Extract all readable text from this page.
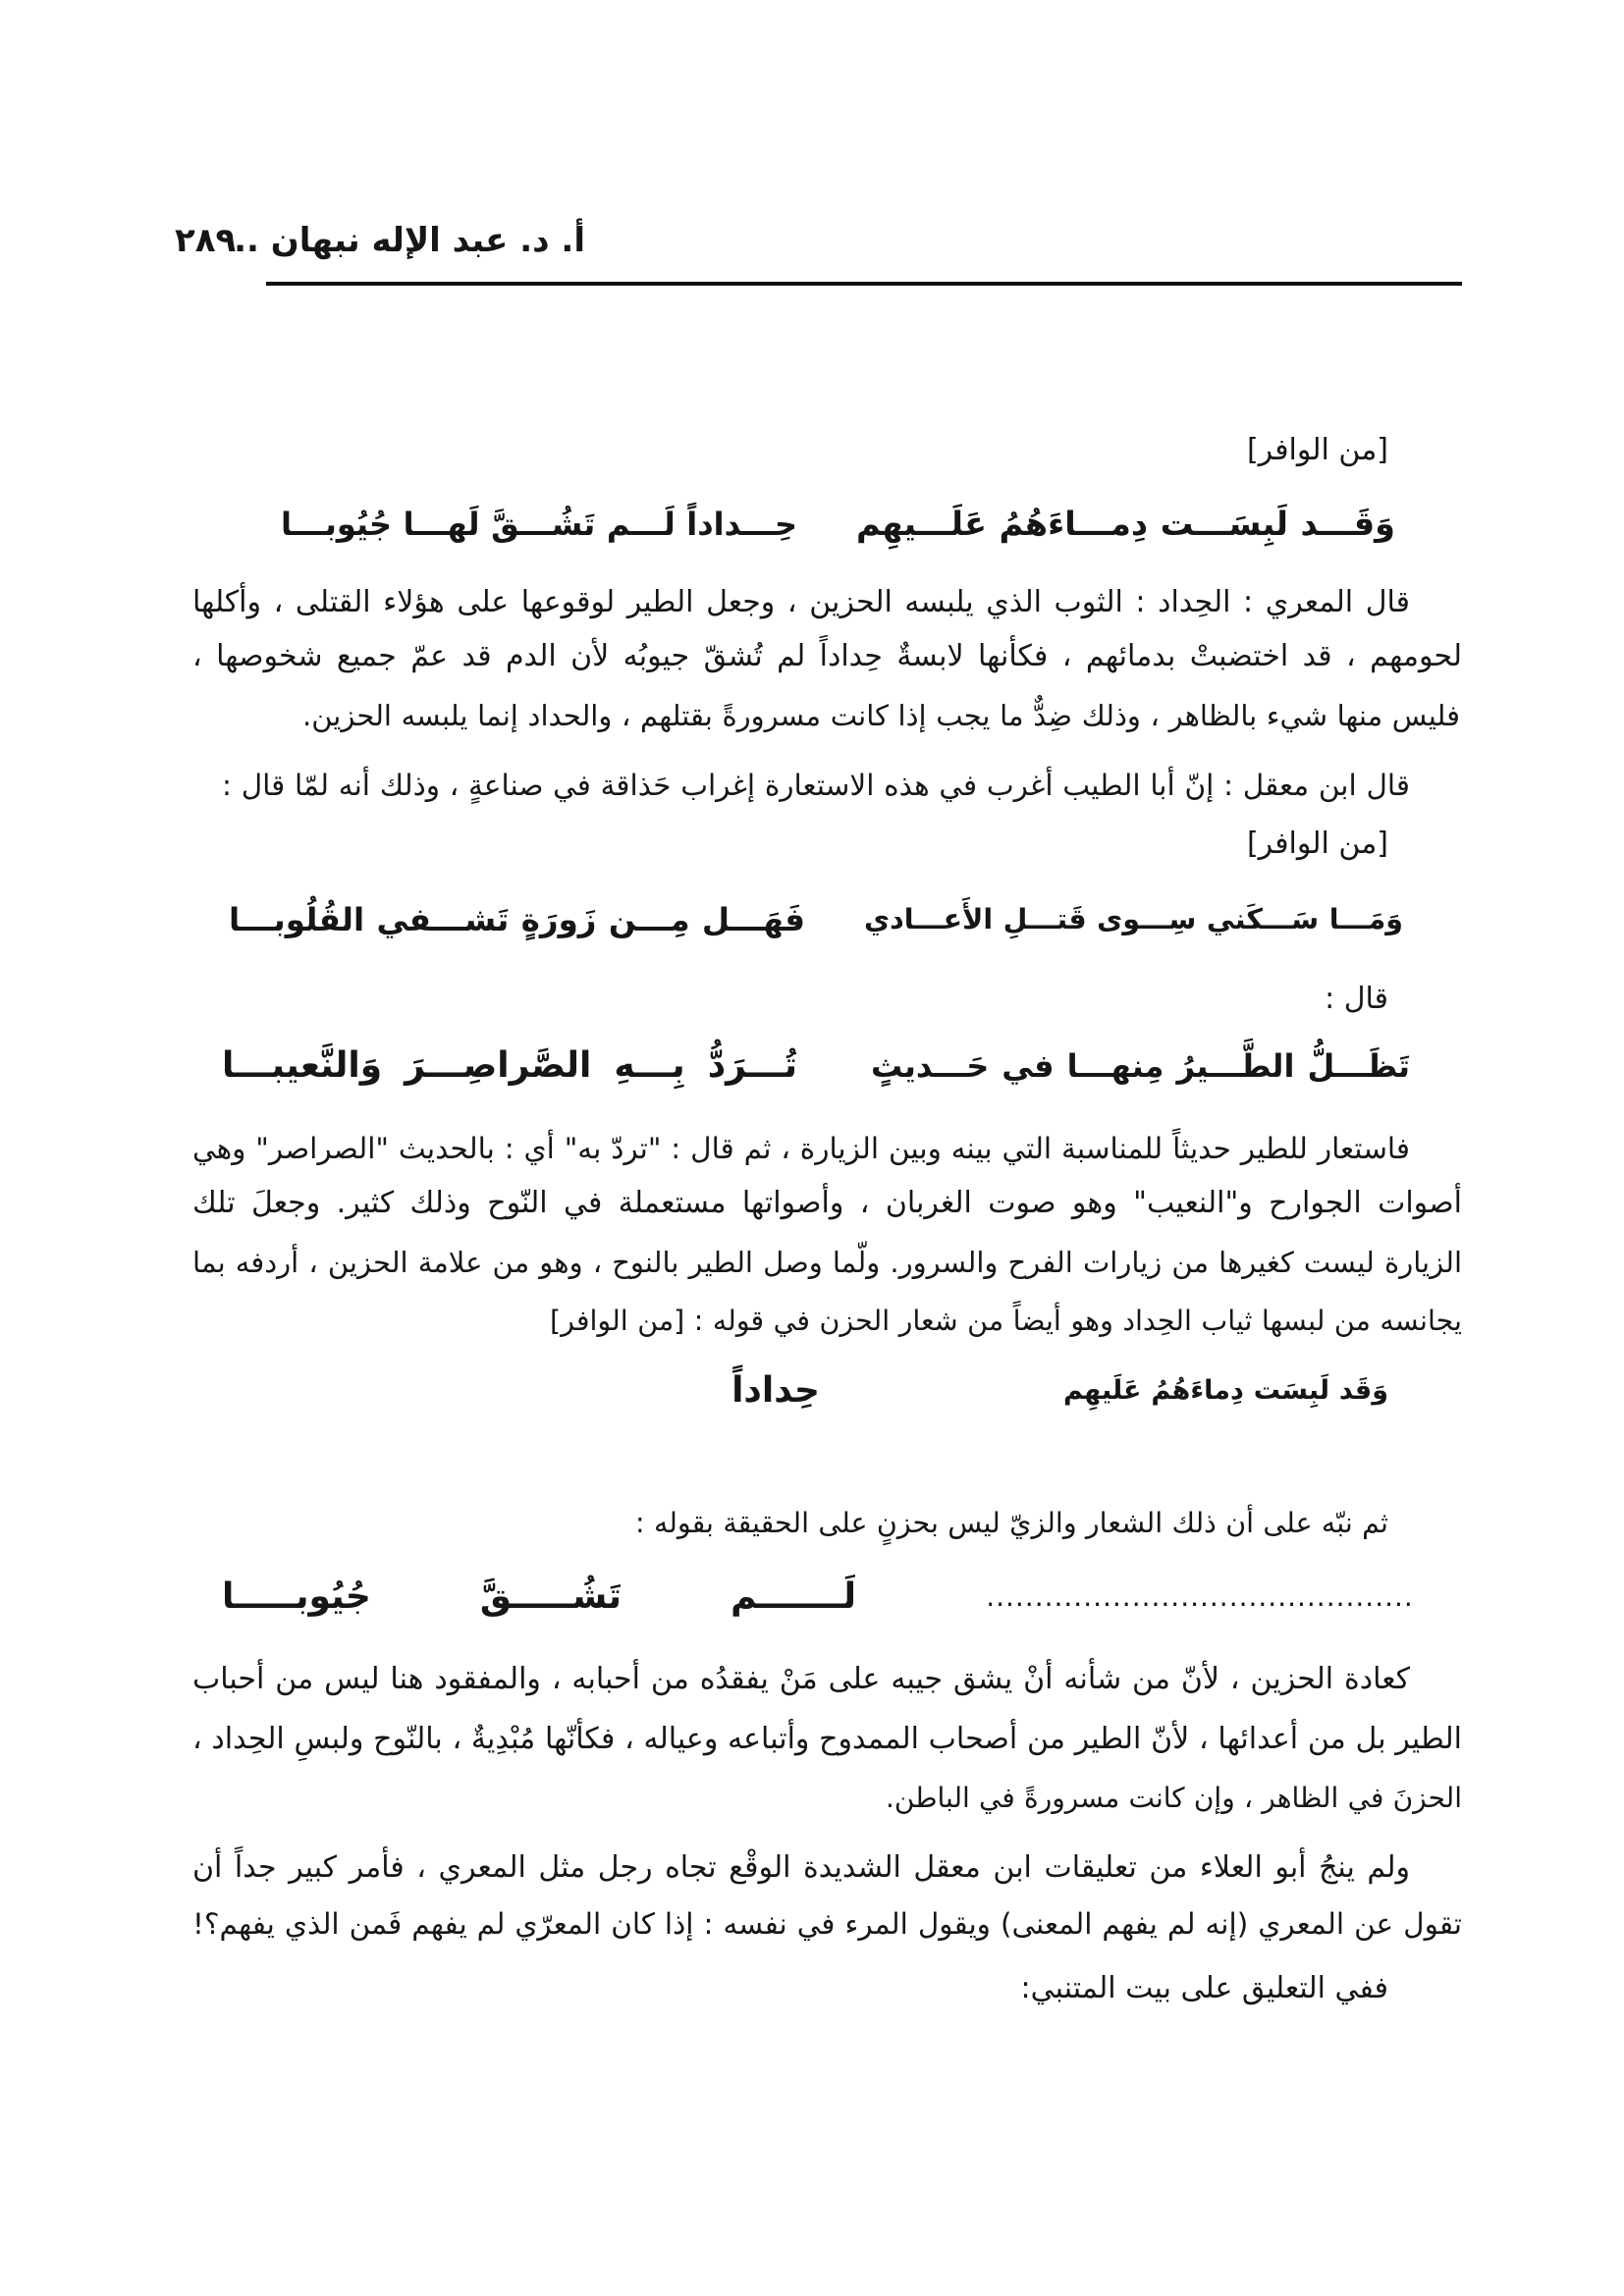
٢٨٩
أ. د. عبد الإله نبهان ..
[من الوافر]
وَقَـــد لَبِسَـــت دِمـــاءَهُمُ عَلَـــيهِم
حِـــداداً لَـــم تَشُـــقَّ لَهـــا جُيُوبـــا
قال المعري : الحِداد : الثوب الذي يلبسه الحزين ، وجعل الطير لوقوعها على هؤلاء القتلى ، وأكلها
لحومهم ، قد اختضبتْ بدمائهم ، فكأنها لابسةٌ حِداداً لم تُشقّ جيوبُه لأن الدم قد عمّ جميع شخوصها ،
فليس منها شيء بالظاهر ، وذلك ضِدٌّ ما يجب إذا كانت مسرورةً بقتلهم ، والحداد إنما يلبسه الحزين.
قال ابن معقل : إنّ أبا الطيب أغرب في هذه الاستعارة إغراب حَذاقة في صناعةٍ ، وذلك أنه لمّا قال :
[من الوافر]
وَمَـــا سَـــكَني سِـــوى قَتـــلِ الأَعـــادي
فَهَـــل مِـــن زَورَةٍ تَشـــفي القُلُوبـــا
قال :
تَظَـــلُّ الطَّـــيرُ مِنهـــا في حَـــديثٍ
تُـــرَدُّ بِـــهِ الصَّراصِـــرَ وَالنَّعيبـــا
فاستعار للطير حديثاً للمناسبة التي بينه وبين الزيارة ، ثم قال : "تردّ به" أي : بالحديث "الصراصر" وهي
أصوات الجوارح و"النعيب" وهو صوت الغربان ، وأصواتها مستعملة في النّوح وذلك كثير. وجعلَ تلك
الزيارة ليست كغيرها من زيارات الفرح والسرور. ولّما وصل الطير بالنوح ، وهو من علامة الحزين ، أردفه بما
يجانسه من لبسها ثياب الحِداد وهو أيضاً من شعار الحزن في قوله : [من الوافر]
وَقَد لَبِسَت دِماءَهُمُ عَلَيهِم
حِداداً
ثم نبّه على أن ذلك الشعار والزيّ ليس بحزنٍ على الحقيقة بقوله :
............................................
لَـــــــم تَشُـــــقَّ جُيُوبـــــا
كعادة الحزين ، لأنّ من شأنه أنْ يشق جيبه على مَنْ يفقدُه من أحبابه ، والمفقود هنا ليس من أحباب
الطير بل من أعدائها ، لأنّ الطير من أصحاب الممدوح وأتباعه وعياله ، فكأنّها مُبْدِيةٌ ، بالنّوح ولبسِ الحِداد ،
الحزنَ في الظاهر ، وإن كانت مسرورةً في الباطن.
ولم ينجُ أبو العلاء من تعليقات ابن معقل الشديدة الوقْع تجاه رجل مثل المعري ، فأمر كبير جداً أن
تقول عن المعري (إنه لم يفهم المعنى) ويقول المرء في نفسه : إذا كان المعرّي لم يفهم فَمن الذي يفهم؟!
ففي التعليق على بيت المتنبي:
